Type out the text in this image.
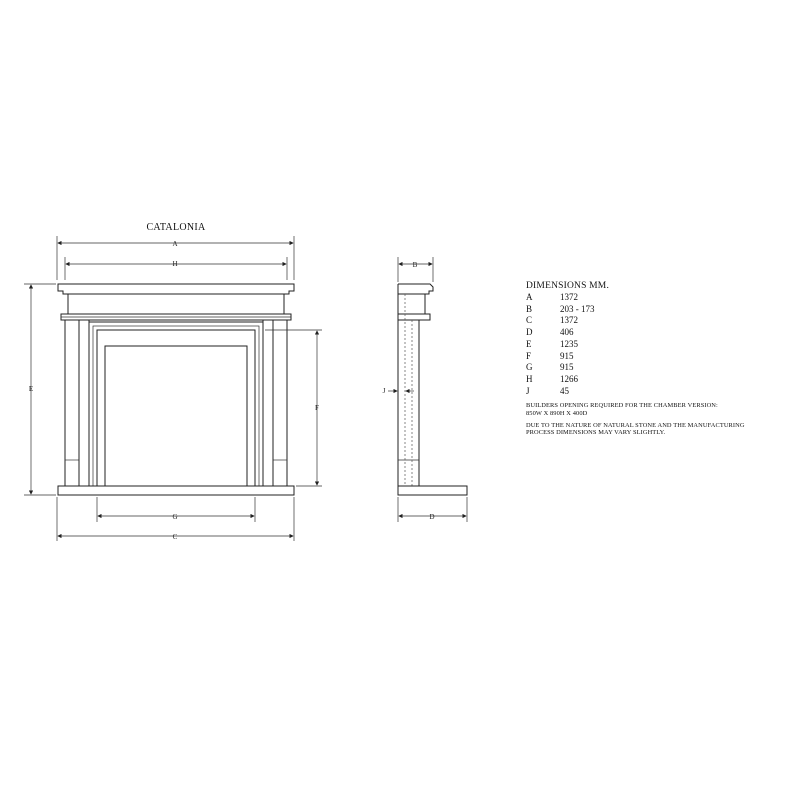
CATALONIA
A
H
E
F
G
C
B
J
D
DIMENSIONS MM.
A	1372
B	203 - 173
C	1372
D	406
E	1235
F	915
G	915
H	1266
J	45
BUILDERS OPENING REQUIRED FOR THE CHAMBER VERSION:
850W X 890H X 400D
DUE TO THE NATURE OF NATURAL STONE AND THE MANUFACTURING
PROCESS DIMENSIONS MAY VARY SLIGHTLY.
